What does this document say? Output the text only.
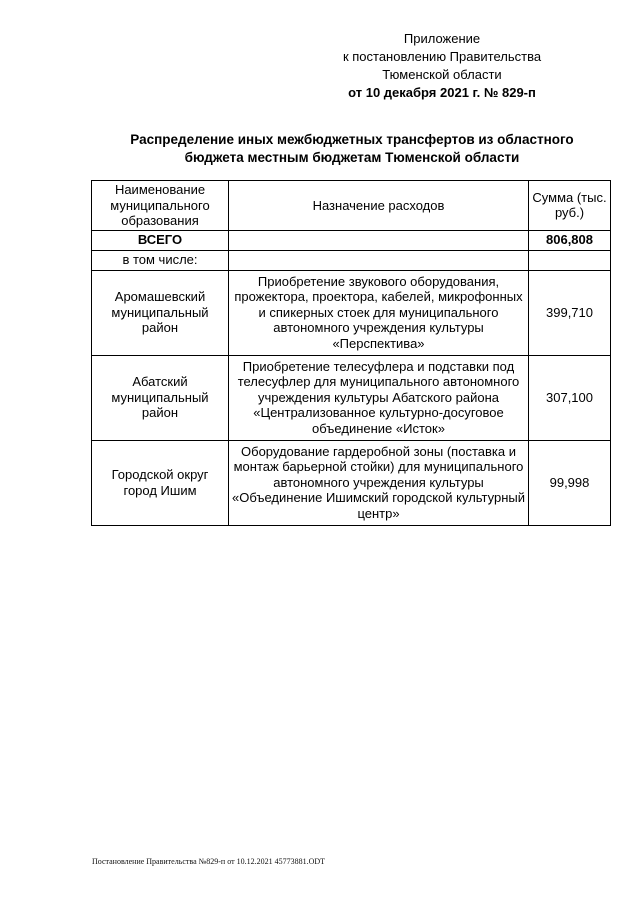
Приложение
к постановлению Правительства
Тюменской области
от 10 декабря 2021 г. № 829-п
Распределение иных межбюджетных трансфертов из областного
бюджета местным бюджетам Тюменской области
Наименование муниципального образования	Назначение расходов	Сумма (тыс. руб.)
ВСЕГО		806,808
в том числе:		
Аромашевский муниципальный район	Приобретение звукового оборудования, прожектора, проектора, кабелей, микрофонных и спикерных стоек для муниципального автономного учреждения культуры «Перспектива»	399,710
Абатский муниципальный район	Приобретение телесуфлера и подставки под телесуфлер для муниципального автономного учреждения культуры Абатского района «Централизованное культурно-досуговое объединение «Исток»	307,100
Городской округ город Ишим	Оборудование гардеробной зоны (поставка и монтаж барьерной стойки) для муниципального автономного учреждения культуры «Объединение Ишимский городской культурный центр»	99,998
Постановление Правительства №829-п от 10.12.2021 45773881.ODT
